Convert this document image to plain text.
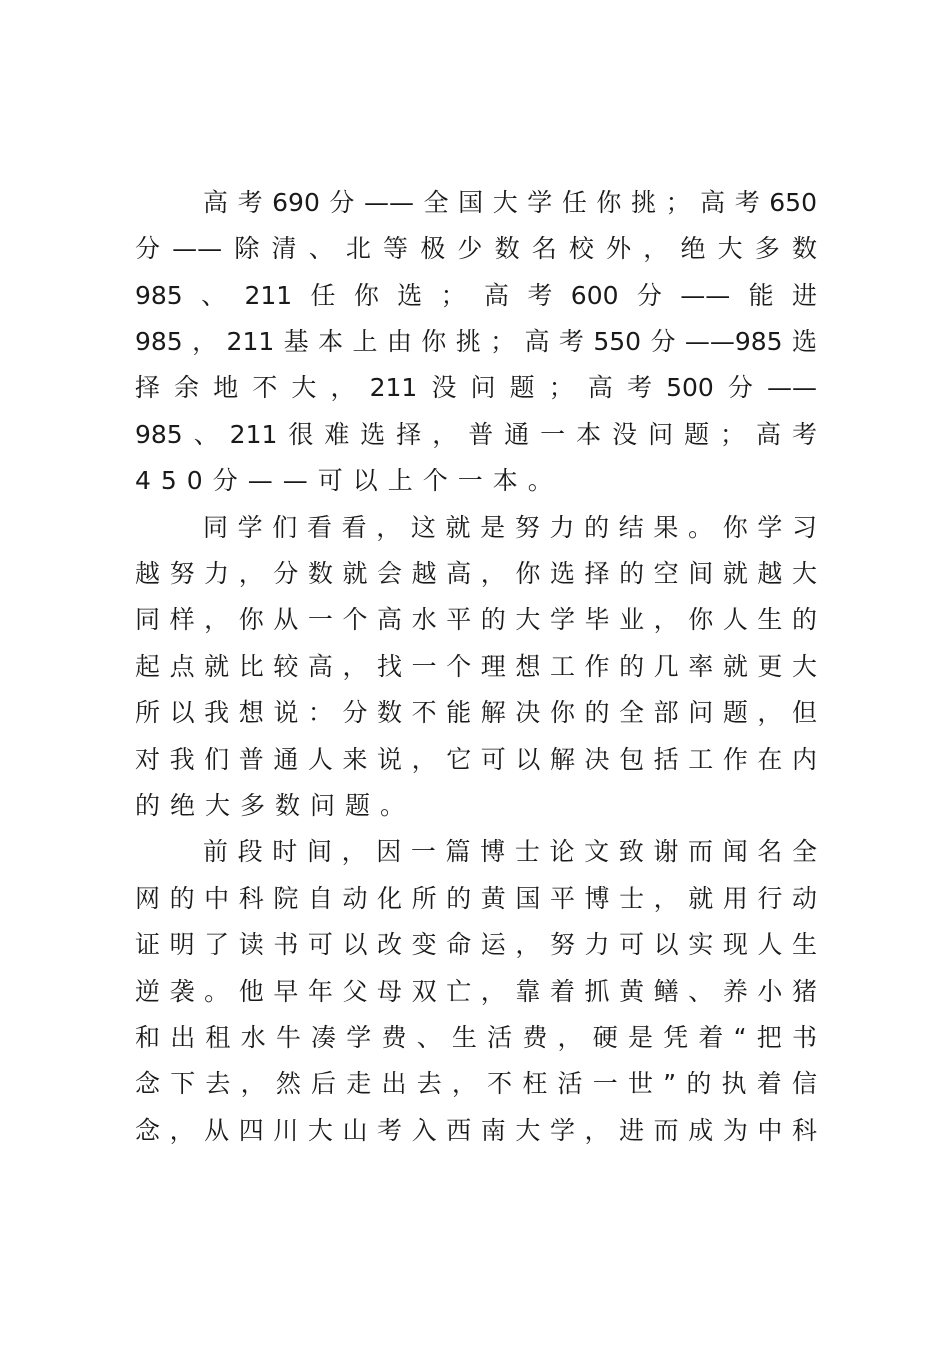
高考690分——全国大学任你挑；高考650
分——除清、北等极少数名校外，绝大多数
985、211任你选；高考600分——能进
985，211基本上由你挑；高考550分——985选
择余地不大，211没问题；高考500分——
985、211很难选择，普通一本没问题；高考
450分——可以上个一本。
同学们看看，这就是努力的结果。你学习
越努力，分数就会越高，你选择的空间就越大
同样，你从一个高水平的大学毕业，你人生的
起点就比较高，找一个理想工作的几率就更大
所以我想说：分数不能解决你的全部问题，但
对我们普通人来说，它可以解决包括工作在内
的绝大多数问题。
前段时间，因一篇博士论文致谢而闻名全
网的中科院自动化所的黄国平博士，就用行动
证明了读书可以改变命运，努力可以实现人生
逆袭。他早年父母双亡，靠着抓黄鳝、养小猪
和出租水牛凑学费、生活费，硬是凭着“把书
念下去，然后走出去，不枉活一世”的执着信
念，从四川大山考入西南大学，进而成为中科
